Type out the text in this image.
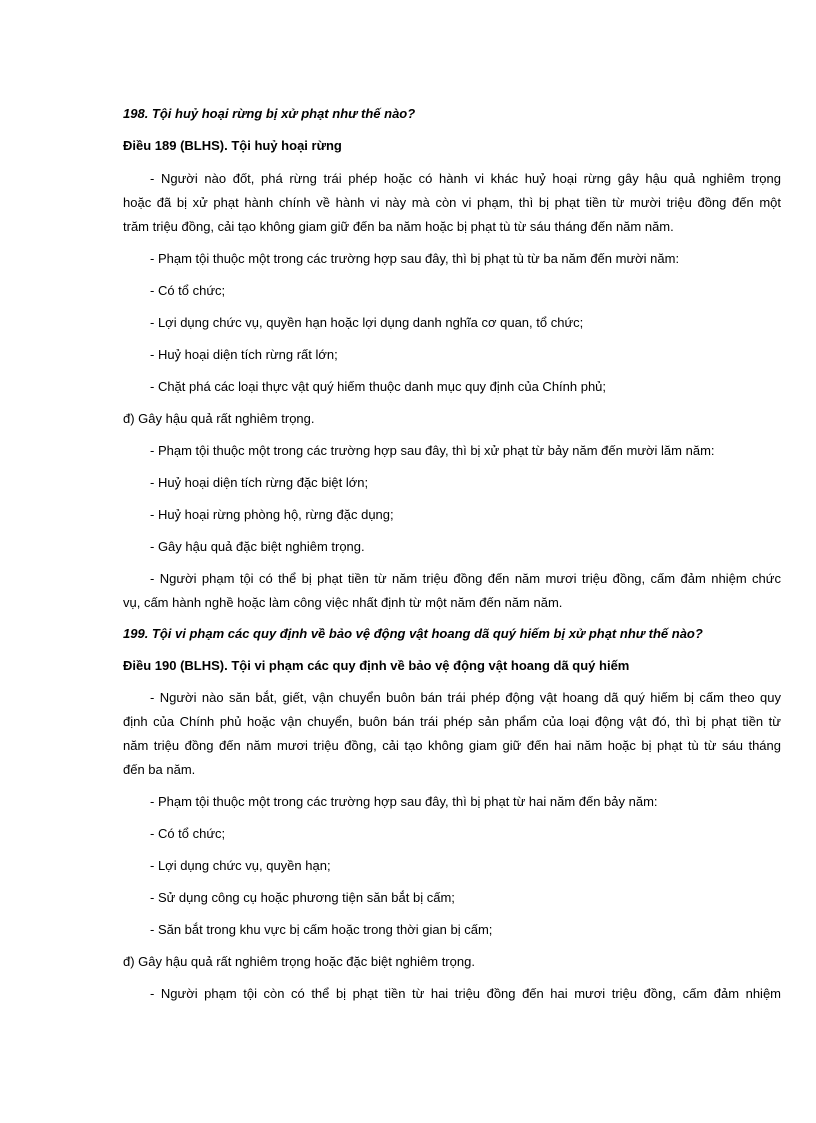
198. Tội huỷ hoại rừng bị xử phạt như thế nào?
Điều 189 (BLHS). Tội huỷ hoại rừng
- Người nào đốt, phá rừng trái phép hoặc có hành vi khác huỷ hoại rừng gây hậu quả nghiêm trọng
hoặc đã bị xử phạt hành chính về hành vi này mà còn vi phạm, thì bị phạt tiền từ mười triệu đồng đến một
trăm triệu đồng, cải tạo không giam giữ đến ba năm hoặc bị phạt tù từ sáu tháng đến năm năm.
- Phạm tội thuộc một trong các trường hợp sau đây, thì bị phạt tù từ ba năm đến mười năm:
- Có tổ chức;
- Lợi dụng chức vụ, quyền hạn hoặc lợi dụng danh nghĩa cơ quan, tổ chức;
- Huỷ hoại diện tích rừng rất lớn;
- Chặt phá các loại thực vật quý hiếm thuộc danh mục quy định của Chính phủ;
đ) Gây hậu quả rất nghiêm trọng.
- Phạm tội thuộc một trong các trường hợp sau đây, thì bị xử phạt từ bảy năm đến mười lăm năm:
- Huỷ hoại diện tích rừng đặc biệt lớn;
- Huỷ hoại rừng phòng hộ, rừng đặc dụng;
- Gây hậu quả đặc biệt nghiêm trọng.
- Người phạm tội có thể bị phạt tiền từ năm triệu đồng đến năm mươi triệu đồng, cấm đảm nhiệm chức
vụ, cấm hành nghề hoặc làm công việc nhất định từ một năm đến năm năm.
199. Tội vi phạm các quy định về bảo vệ động vật hoang dã quý hiếm bị xử phạt như thế nào?
Điều 190 (BLHS). Tội vi phạm các quy định về bảo vệ động vật hoang dã quý hiếm
- Người nào săn bắt, giết, vận chuyển buôn bán trái phép động vật hoang dã quý hiếm bị cấm theo quy
định của Chính phủ hoặc vận chuyển, buôn bán trái phép sản phẩm của loại động vật đó, thì bị phạt tiền từ
năm triệu đồng đến năm mươi triệu đồng, cải tạo không giam giữ đến hai năm hoặc bị phạt tù từ sáu tháng
đến ba năm.
- Phạm tội thuộc một trong các trường hợp sau đây, thì bị phạt từ hai năm đến bảy năm:
- Có tổ chức;
- Lợi dụng chức vụ, quyền hạn;
- Sử dụng công cụ hoặc phương tiện săn bắt bị cấm;
- Săn bắt trong khu vực bị cấm hoặc trong thời gian bị cấm;
đ) Gây hậu quả rất nghiêm trọng hoặc đặc biệt nghiêm trọng.
- Người phạm tội còn có thể bị phạt tiền từ hai triệu đồng đến hai mươi triệu đồng, cấm đảm nhiệm
